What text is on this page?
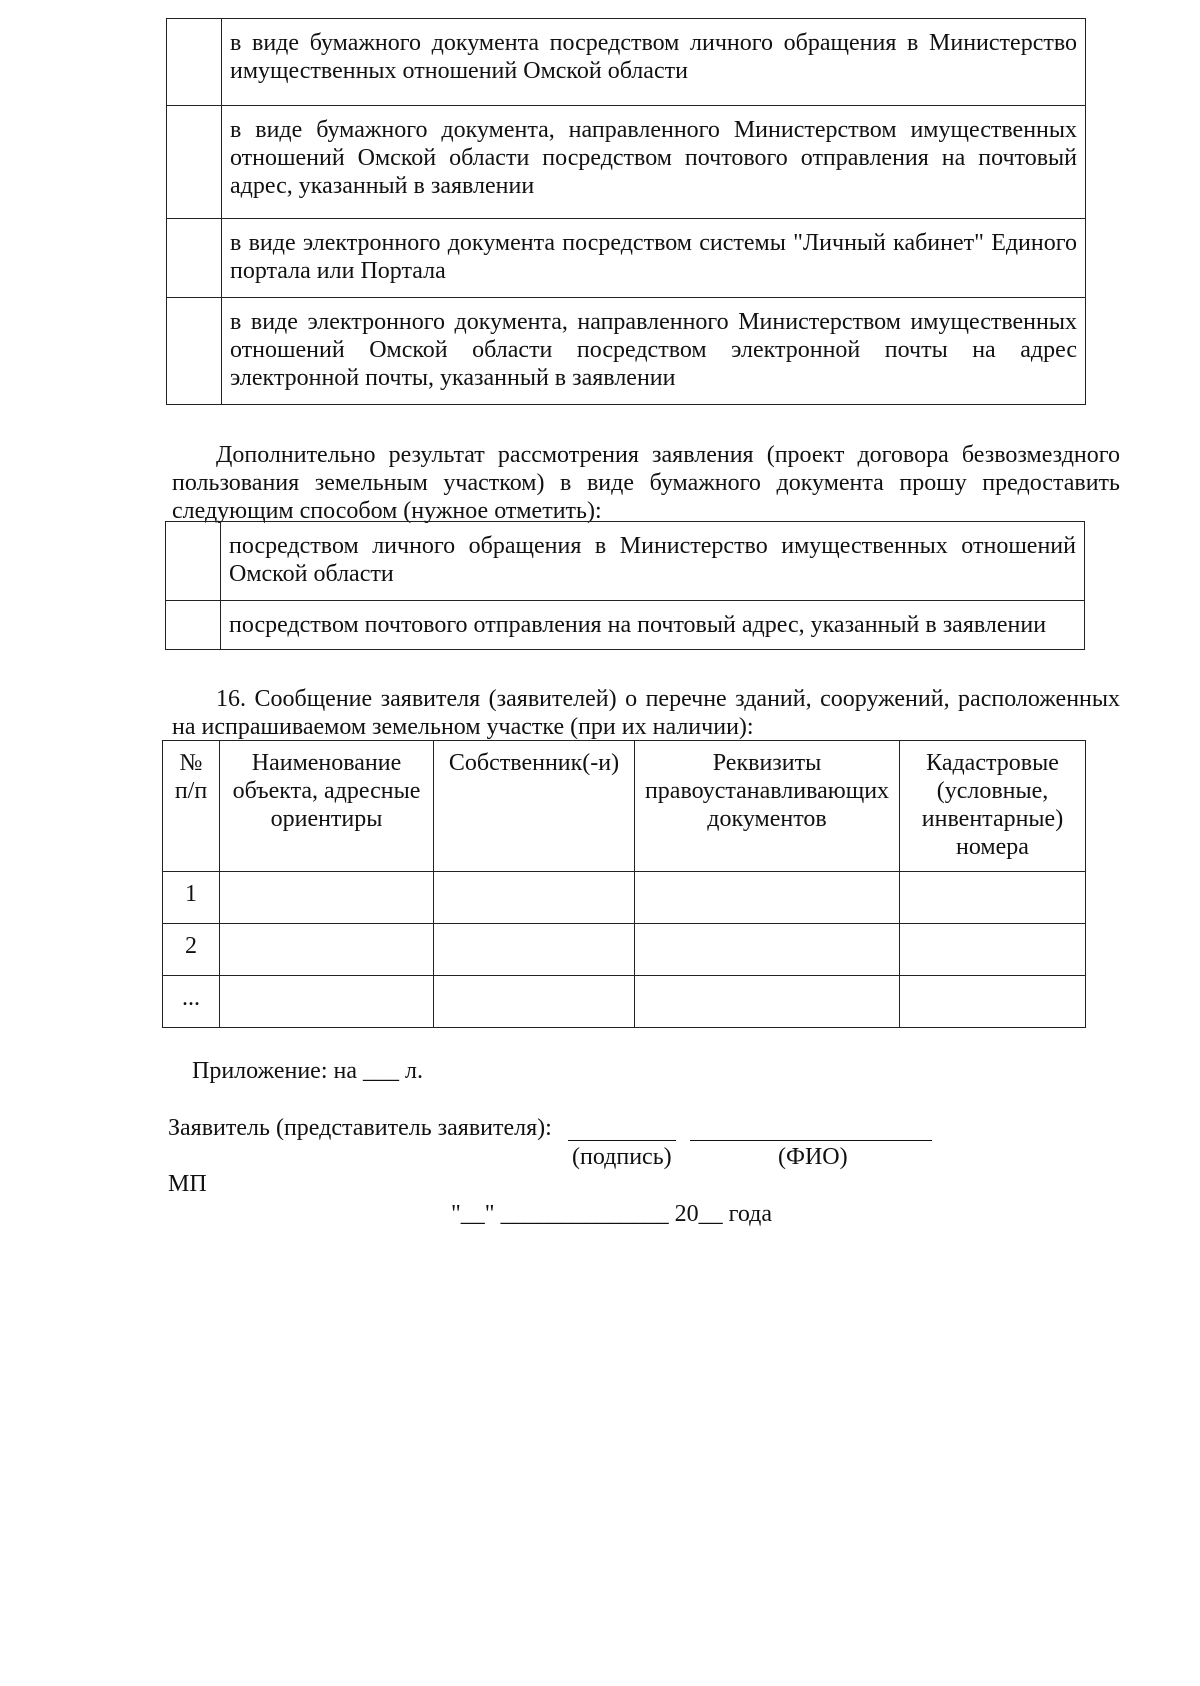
	в виде бумажного документа посредством личного обращения в Министерство имущественных отношений Омской области
	в виде бумажного документа, направленного Министерством имущественных отношений Омской области посредством почтового отправления на почтовый адрес, указанный в заявлении
	в виде электронного документа посредством системы "Личный кабинет" Единого портала или Портала
	в виде электронного документа, направленного Министерством имущественных отношений Омской области посредством электронной почты на адрес электронной почты, указанный в заявлении

Дополнительно результат рассмотрения заявления (проект договора безвозмездного пользования земельным участком) в виде бумажного документа прошу предоставить следующим способом (нужное отметить):

	посредством личного обращения в Министерство имущественных отношений Омской области
	посредством почтового отправления на почтовый адрес, указанный в заявлении

16. Сообщение заявителя (заявителей) о перечне зданий, сооружений, расположенных на испрашиваемом земельном участке (при их наличии):

№ п/п	Наименование объекта, адресные ориентиры	Собственник(-и)	Реквизиты правоустанавливающих документов	Кадастровые (условные, инвентарные) номера
1				
2				
...				

Приложение: на ___ л.

Заявитель (представитель заявителя):

(подпись)	(ФИО)

МП

"__" ______________ 20__ года
